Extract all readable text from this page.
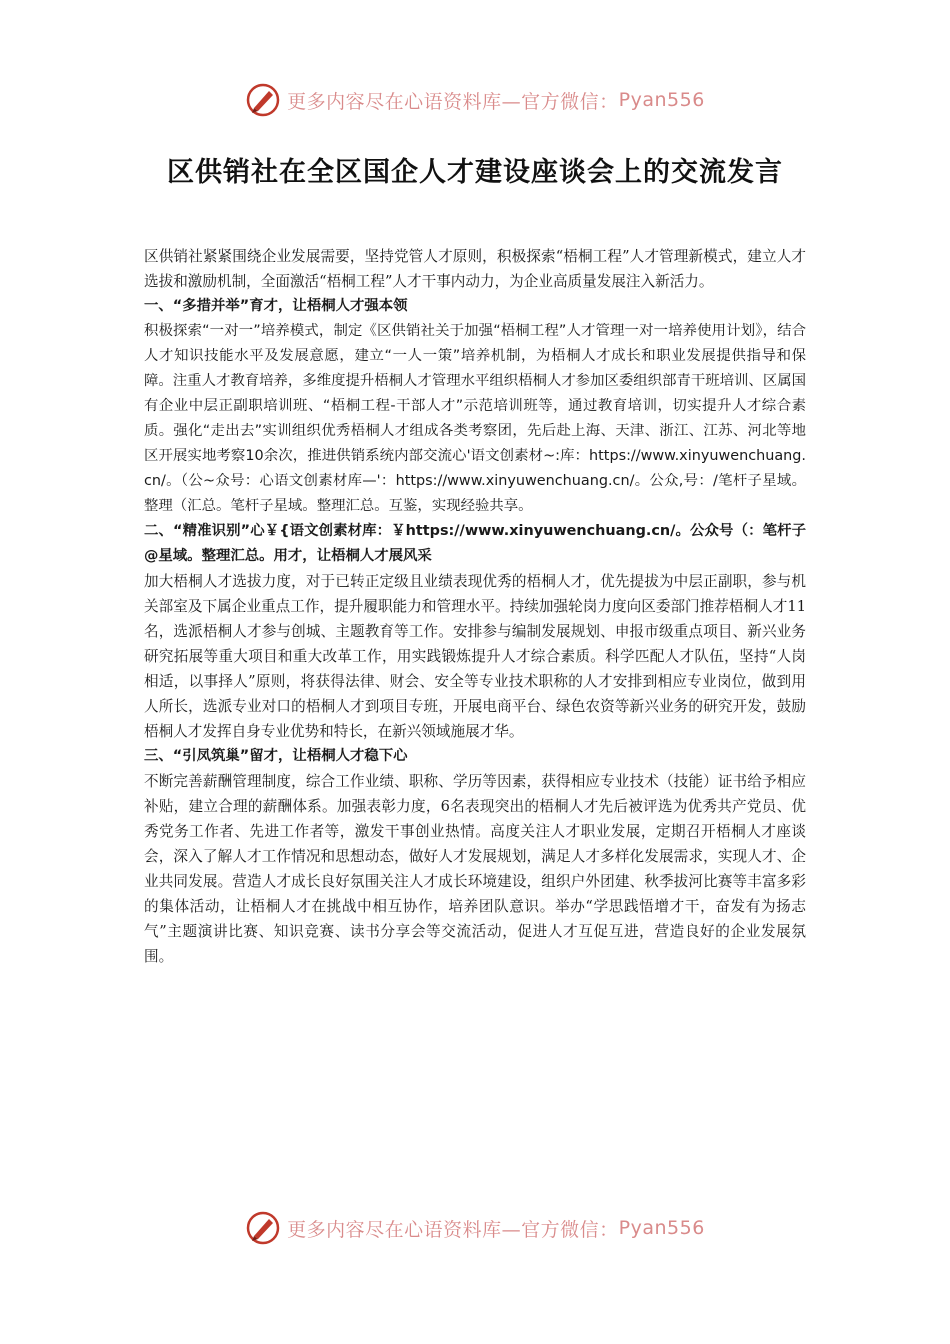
更多内容尽在心语资料库—官方微信： Pyan556
区供销社在全区国企人才建设座谈会上的交流发言

区供销社紧紧围绕企业发展需要，坚持党管人才原则，积极探索“梧桐工程”人才管理新模式，建立人才选拔和激励机制，全面激活“梧桐工程”人才干事内动力，为企业高质量发展注入新活力。

一、“多措并举”育才，让梧桐人才强本领

积极探索“一对一”培养模式，制定《区供销社关于加强“梧桐工程”人才管理一对一培养使用计划》，结合人才知识技能水平及发展意愿，建立“一人一策”培养机制，为梧桐人才成长和职业发展提供指导和保障。注重人才教育培养，多维度提升梧桐人才管理水平组织梧桐人才参加区委组织部青干班培训、区属国有企业中层正副职培训班、“梧桐工程-干部人才”示范培训班等，通过教育培训，切实提升人才综合素质。强化“走出去”实训组织优秀梧桐人才组成各类考察团，先后赴上海、天津、浙江、江苏、河北等地区开展实地考察10余次，推进供销系统内部交流心'语文创素材~:库：https://www.xinyuwenchuang.cn/。（公~众号：心语文创素材库—'：https://www.xinyuwenchuang.cn/。公众,号：/笔杆子星域。整理（汇总。笔杆子星域。整理汇总。互鉴，实现经验共享。

二、“精准识别”心￥{语文创素材库：￥https://www.xinyuwenchuang.cn/。公众号（：笔杆子@星域。整理汇总。用才，让梧桐人才展风采

加大梧桐人才选拔力度，对于已转正定级且业绩表现优秀的梧桐人才，优先提拔为中层正副职，参与机关部室及下属企业重点工作，提升履职能力和管理水平。持续加强轮岗力度向区委部门推荐梧桐人才11名，选派梧桐人才参与创城、主题教育等工作。安排参与编制发展规划、申报市级重点项目、新兴业务研究拓展等重大项目和重大改革工作，用实践锻炼提升人才综合素质。科学匹配人才队伍，坚持“人岗相适，以事择人”原则，将获得法律、财会、安全等专业技术职称的人才安排到相应专业岗位，做到用人所长，选派专业对口的梧桐人才到项目专班，开展电商平台、绿色农资等新兴业务的研究开发，鼓励梧桐人才发挥自身专业优势和特长，在新兴领域施展才华。

三、“引凤筑巢”留才，让梧桐人才稳下心

不断完善薪酬管理制度，综合工作业绩、职称、学历等因素，获得相应专业技术（技能）证书给予相应补贴，建立合理的薪酬体系。加强表彰力度，6名表现突出的梧桐人才先后被评选为优秀共产党员、优秀党务工作者、先进工作者等，激发干事创业热情。高度关注人才职业发展，定期召开梧桐人才座谈会，深入了解人才工作情况和思想动态，做好人才发展规划，满足人才多样化发展需求，实现人才、企业共同发展。营造人才成长良好氛围关注人才成长环境建设，组织户外团建、秋季拔河比赛等丰富多彩的集体活动，让梧桐人才在挑战中相互协作，培养团队意识。举办“学思践悟增才干，奋发有为扬志气”主题演讲比赛、知识竞赛、读书分享会等交流活动，促进人才互促互进，营造良好的企业发展氛围。

更多内容尽在心语资料库—官方微信： Pyan556
